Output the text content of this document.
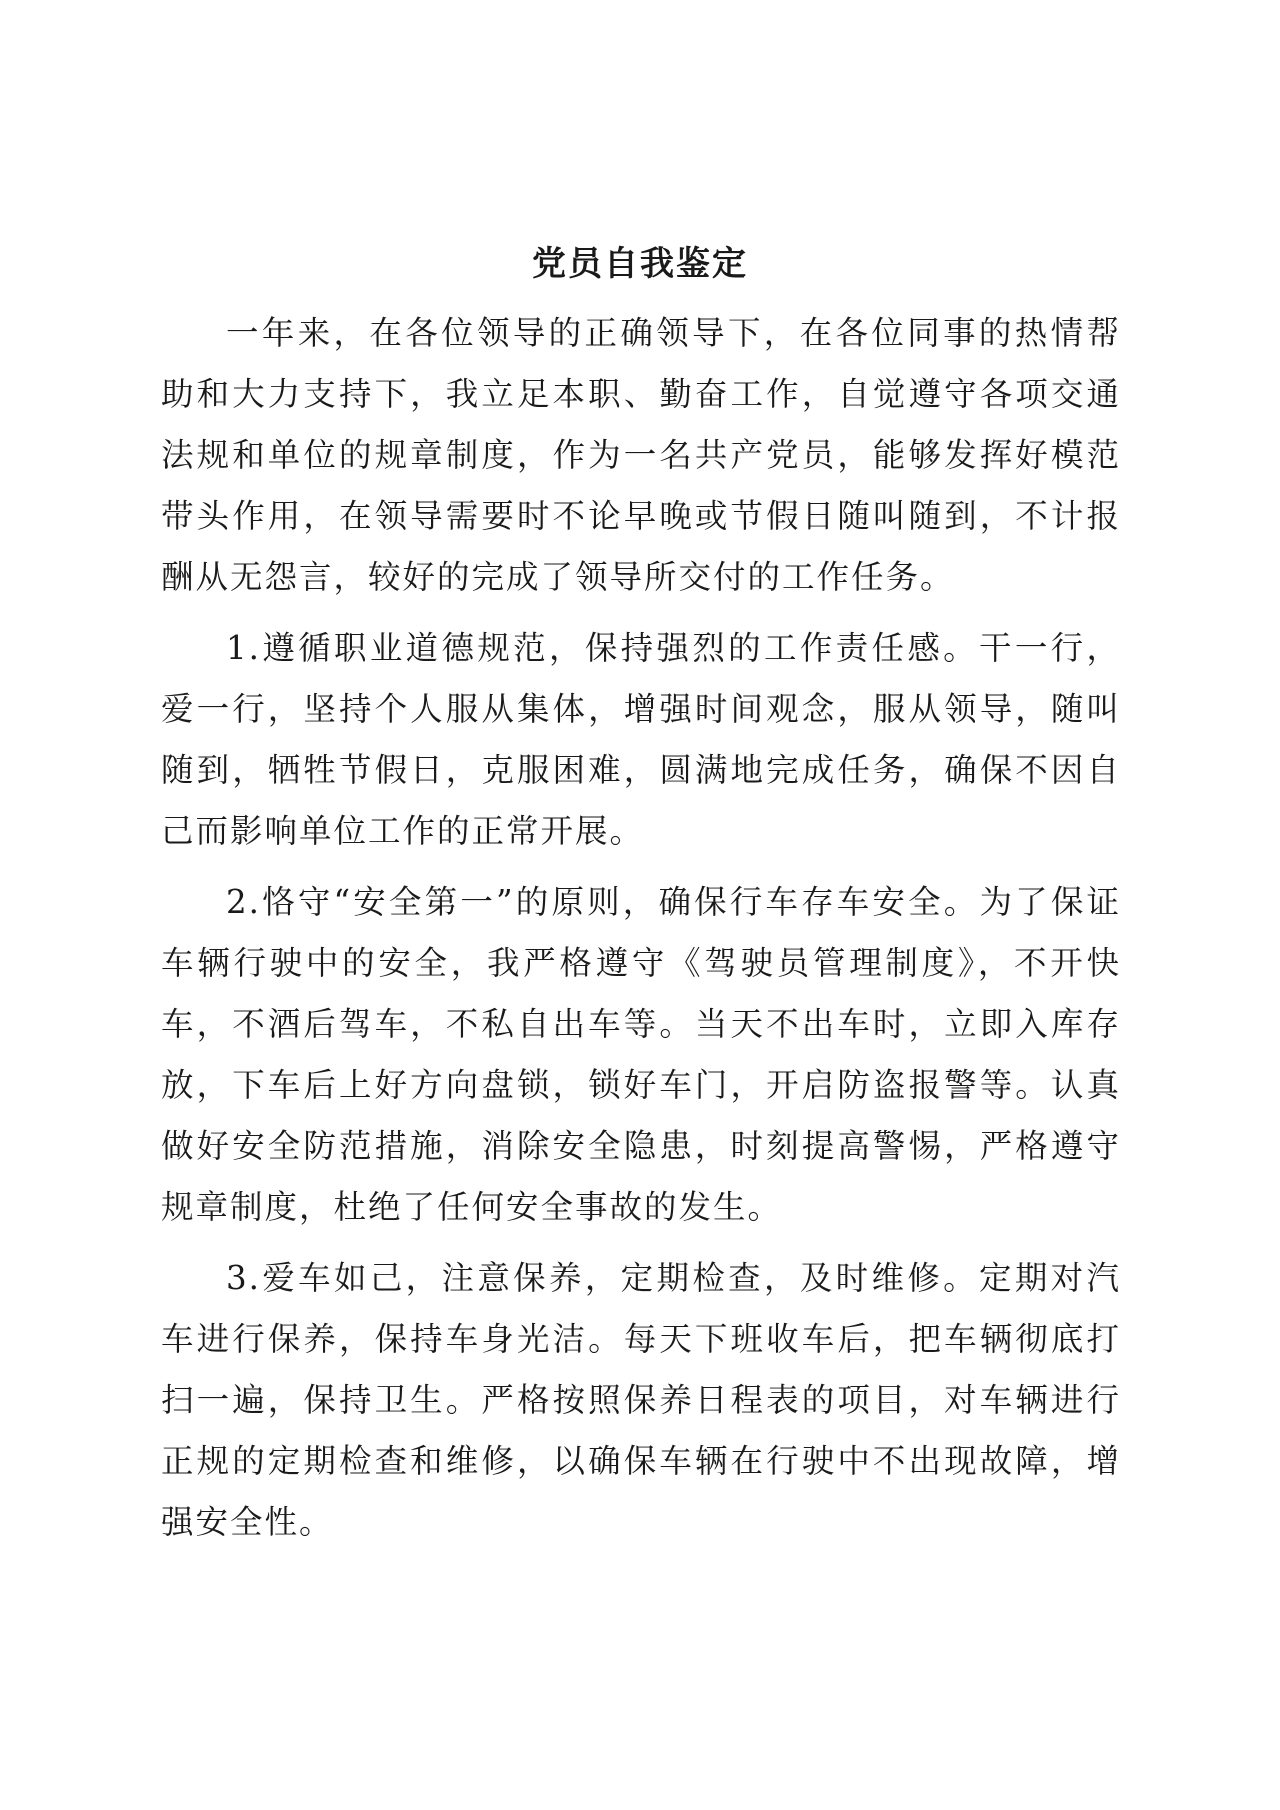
党员自我鉴定

一年来，在各位领导的正确领导下，在各位同事的热情帮助和大力支持下，我立足本职、勤奋工作，自觉遵守各项交通法规和单位的规章制度，作为一名共产党员，能够发挥好模范带头作用，在领导需要时不论早晚或节假日随叫随到，不计报酬从无怨言，较好的完成了领导所交付的工作任务。

1.遵循职业道德规范，保持强烈的工作责任感。干一行，爱一行，坚持个人服从集体，增强时间观念，服从领导，随叫随到，牺牲节假日，克服困难，圆满地完成任务，确保不因自己而影响单位工作的正常开展。

2.恪守“安全第一”的原则，确保行车存车安全。为了保证车辆行驶中的安全，我严格遵守《驾驶员管理制度》，不开快车，不酒后驾车，不私自出车等。当天不出车时，立即入库存放，下车后上好方向盘锁，锁好车门，开启防盗报警等。认真做好安全防范措施，消除安全隐患，时刻提高警惕，严格遵守规章制度，杜绝了任何安全事故的发生。

3.爱车如己，注意保养，定期检查，及时维修。定期对汽车进行保养，保持车身光洁。每天下班收车后，把车辆彻底打扫一遍，保持卫生。严格按照保养日程表的项目，对车辆进行正规的定期检查和维修，以确保车辆在行驶中不出现故障，增强安全性。
